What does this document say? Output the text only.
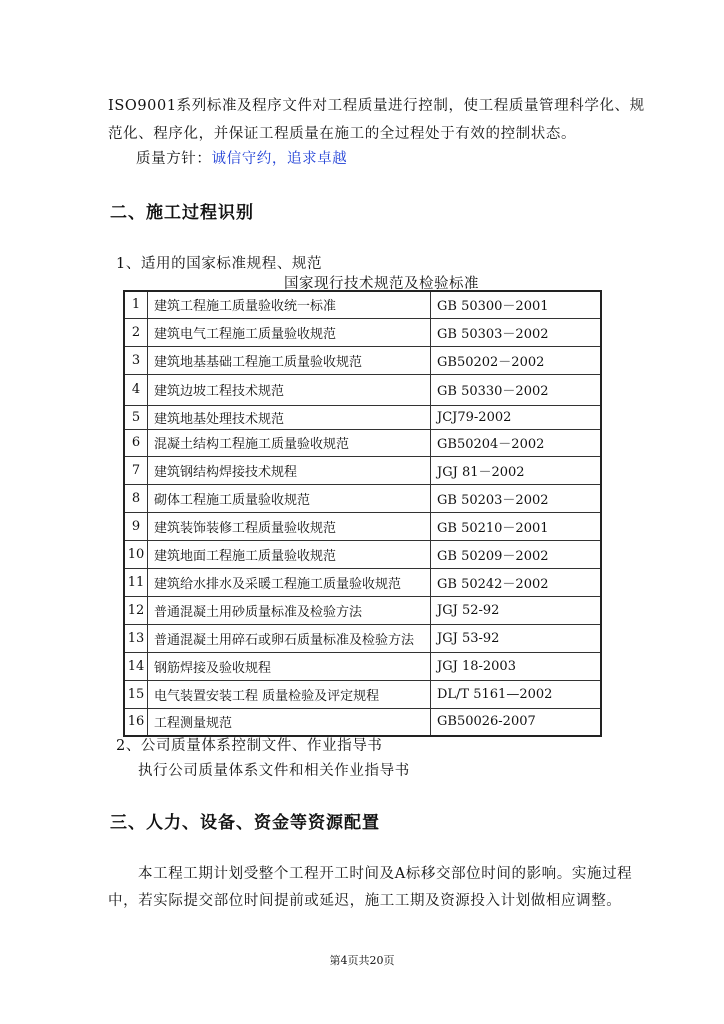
ISO9001系列标准及程序文件对工程质量进行控制，使工程质量管理科学化、规
范化、程序化，并保证工程质量在施工的全过程处于有效的控制状态。
质量方针：诚信守约，追求卓越
二、施工过程识别
1、适用的国家标准规程、规范
国家现行技术规范及检验标准
1	建筑工程施工质量验收统一标准	GB 50300－2001
2	建筑电气工程施工质量验收规范	GB 50303－2002
3	建筑地基基础工程施工质量验收规范	GB50202－2002
4	建筑边坡工程技术规范	GB 50330－2002
5	建筑地基处理技术规范	JCJ79-2002
6	混凝土结构工程施工质量验收规范	GB50204－2002
7	建筑钢结构焊接技术规程	JGJ 81－2002
8	砌体工程施工质量验收规范	GB 50203－2002
9	建筑装饰装修工程质量验收规范	GB 50210－2001
10	建筑地面工程施工质量验收规范	GB 50209－2002
11	建筑给水排水及采暖工程施工质量验收规范	GB 50242－2002
12	普通混凝土用砂质量标准及检验方法	JGJ 52-92
13	普通混凝土用碎石或卵石质量标准及检验方法	JGJ 53-92
14	钢筋焊接及验收规程	JGJ 18-2003
15	电气装置安装工程 质量检验及评定规程	DL/T 5161—2002
16	工程测量规范	GB50026-2007
2、公司质量体系控制文件、作业指导书
执行公司质量体系文件和相关作业指导书
三、人力、设备、资金等资源配置
本工程工期计划受整个工程开工时间及A标移交部位时间的影响。实施过程
中，若实际提交部位时间提前或延迟，施工工期及资源投入计划做相应调整。
第4页共20页
